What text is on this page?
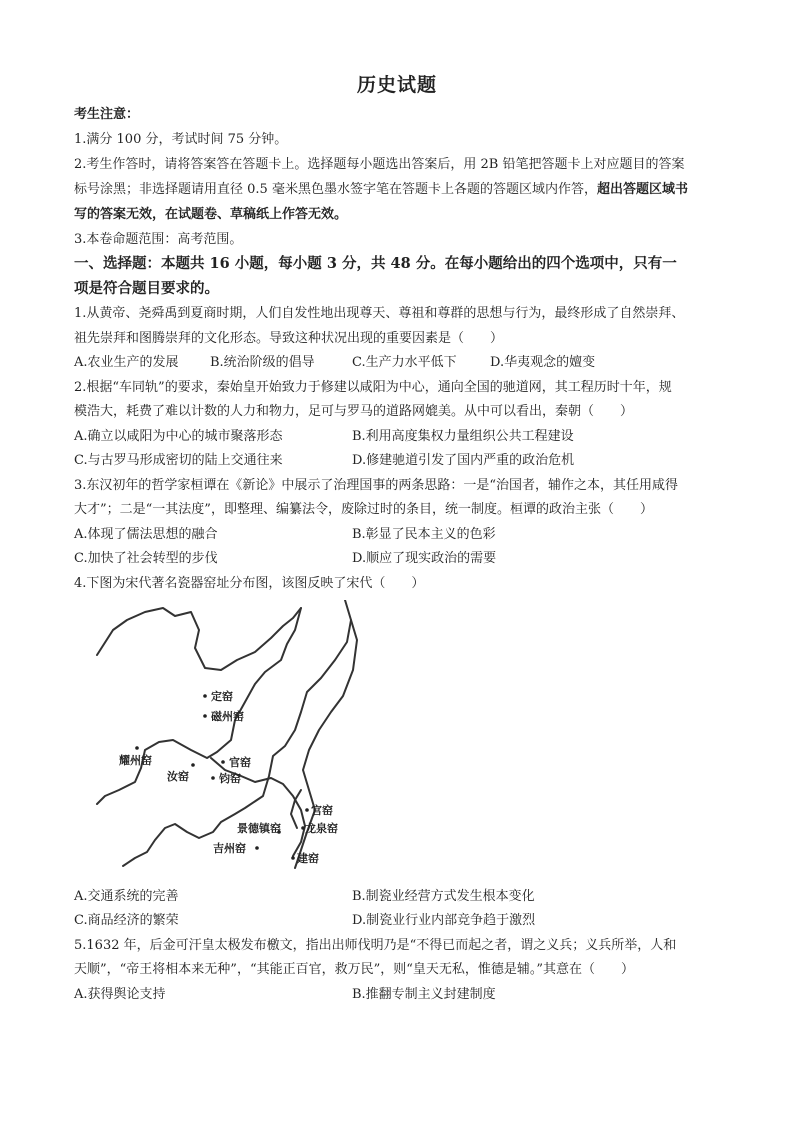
历史试题
考生注意：
1.满分 100 分，考试时间 75 分钟。
2.考生作答时，请将答案答在答题卡上。选择题每小题选出答案后，用 2B 铅笔把答题卡上对应题目的答案
标号涂黑；非选择题请用直径 0.5 毫米黑色墨水签字笔在答题卡上各题的答题区域内作答，超出答题区域书
写的答案无效，在试题卷、草稿纸上作答无效。
3.本卷命题范围：高考范围。
一、选择题：本题共 16 小题，每小题 3 分，共 48 分。在每小题给出的四个选项中，只有一
项是符合题目要求的。
1.从黄帝、尧舜禹到夏商时期，人们自发性地出现尊天、尊祖和尊群的思想与行为，最终形成了自然崇拜、
祖先崇拜和图腾崇拜的文化形态。导致这种状况出现的重要因素是（　　）
A.农业生产的发展 B.统治阶级的倡导	C.生产力水平低下	D.华夷观念的嬗变
2.根据“车同轨”的要求，秦始皇开始致力于修建以咸阳为中心，通向全国的驰道网，其工程历时十年，规
模浩大，耗费了难以计数的人力和物力，足可与罗马的道路网媲美。从中可以看出，秦朝（　　）
A.确立以咸阳为中心的城市聚落形态	B.利用高度集权力量组织公共工程建设
C.与古罗马形成密切的陆上交通往来	D.修建驰道引发了国内严重的政治危机
3.东汉初年的哲学家桓谭在《新论》中展示了治理国事的两条思路：一是“治国者，辅作之本，其任用咸得
大才”；二是“一其法度”，即整理、编纂法令，废除过时的条目，统一制度。桓谭的政治主张（　　）
A.体现了儒法思想的融合	B.彰显了民本主义的色彩
C.加快了社会转型的步伐	D.顺应了现实政治的需要
4.下图为宋代著名瓷器窑址分布图，该图反映了宋代（　　）
定窑
磁州窑
耀州窑	官窑
汝窑	钧窑
官窑
龙泉窑
景德镇窑
吉州窑
建窑
A.交通系统的完善	B.制瓷业经营方式发生根本变化
C.商品经济的繁荣	D.制瓷业行业内部竞争趋于激烈
5.1632 年，后金可汗皇太极发布檄文，指出出师伐明乃是“不得已而起之者，谓之义兵；义兵所举，人和
天顺”，“帝王将相本来无种”，“其能正百官，救万民”，则“皇天无私，惟德是辅。”其意在（　　）
A.获得舆论支持	B.推翻专制主义封建制度
